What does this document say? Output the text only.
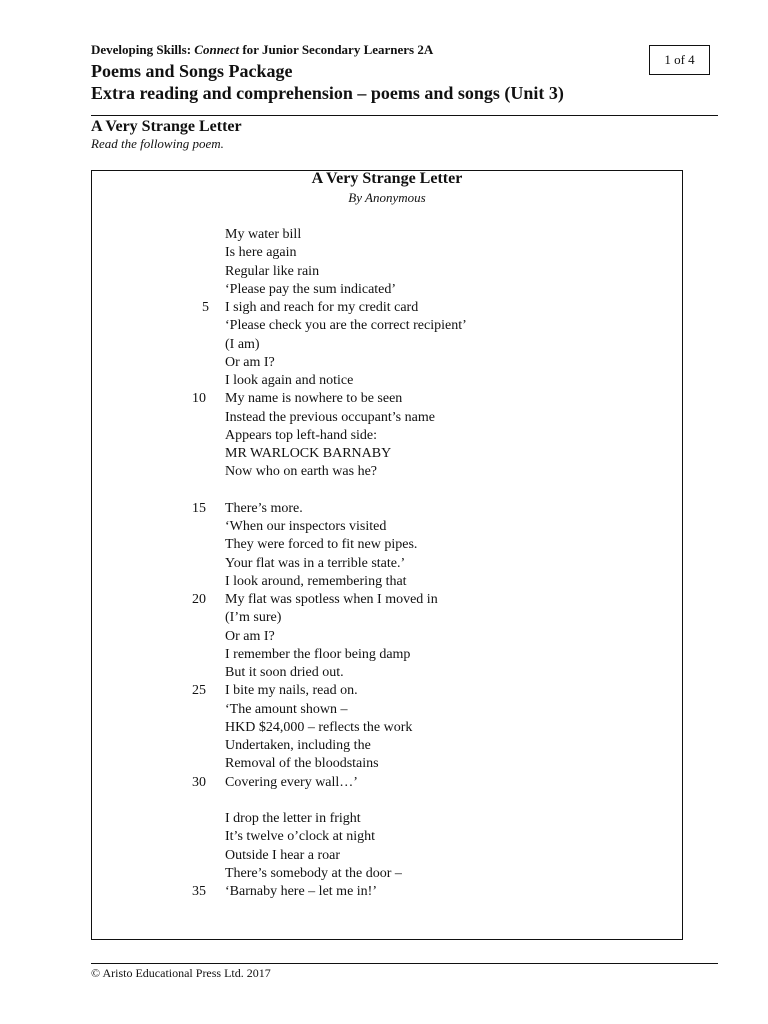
Developing Skills: Connect for Junior Secondary Learners 2A
Poems and Songs Package
Extra reading and comprehension – poems and songs (Unit 3)
1 of 4
A Very Strange Letter
Read the following poem.
A Very Strange Letter
By Anonymous
My water bill
Is here again
Regular like rain
‘Please pay the sum indicated’
I sigh and reach for my credit card
5
‘Please check you are the correct recipient’
(I am)
Or am I?
I look again and notice
My name is nowhere to be seen
10
Instead the previous occupant’s name
Appears top left-hand side:
MR WARLOCK BARNABY
Now who on earth was he?
There’s more.
15
‘When our inspectors visited
They were forced to fit new pipes.
Your flat was in a terrible state.’
I look around, remembering that
My flat was spotless when I moved in
20
(I’m sure)
Or am I?
I remember the floor being damp
But it soon dried out.
I bite my nails, read on.
25
‘The amount shown –
HKD $24,000 – reflects the work
Undertaken, including the
Removal of the bloodstains
Covering every wall…’
30
I drop the letter in fright
It’s twelve o’clock at night
Outside I hear a roar
There’s somebody at the door –
‘Barnaby here – let me in!’
35
© Aristo Educational Press Ltd. 2017
